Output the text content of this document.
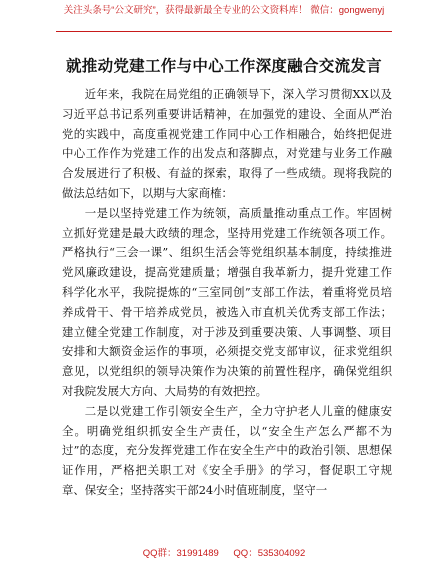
关注头条号“公文研究”，获得最新最全专业的公文资料库！ 微信：gongwenyj
就推动党建工作与中心工作深度融合交流发言

近年来，我院在局党组的正确领导下，深入学习贯彻XX以及习近平总书记系列重要讲话精神，在加强党的建设、全面从严治党的实践中，高度重视党建工作同中心工作相融合，始终把促进中心工作作为党建工作的出发点和落脚点，对党建与业务工作融合发展进行了积极、有益的探索，取得了一些成绩。现将我院的做法总结如下，以期与大家商榷：

一是以坚持党建工作为统领，高质量推动重点工作。牢固树立抓好党建是最大政绩的理念，坚持用党建工作统领各项工作。严格执行“三会一课”、组织生活会等党组织基本制度，持续推进党风廉政建设，提高党建质量；增强自我革新力，提升党建工作科学化水平，我院提炼的“三室同创”支部工作法，着重将党员培养成骨干、骨干培养成党员，被选入市直机关优秀支部工作法；建立健全党建工作制度，对于涉及到重要决策、人事调整、项目安排和大额资金运作的事项，必须提交党支部审议，征求党组织意见，以党组织的领导决策作为决策的前置性程序，确保党组织对我院发展大方向、大局势的有效把控。

二是以党建工作引领安全生产，全力守护老人儿童的健康安全。明确党组织抓安全生产责任，以“安全生产怎么严都不为过”的态度，充分发挥党建工作在安全生产中的政治引领、思想保证作用，严格把关职工对《安全手册》的学习，督促职工守规章、保安全；坚持落实干部24小时值班制度，坚守一

QQ群：31991489 QQ：535304092
